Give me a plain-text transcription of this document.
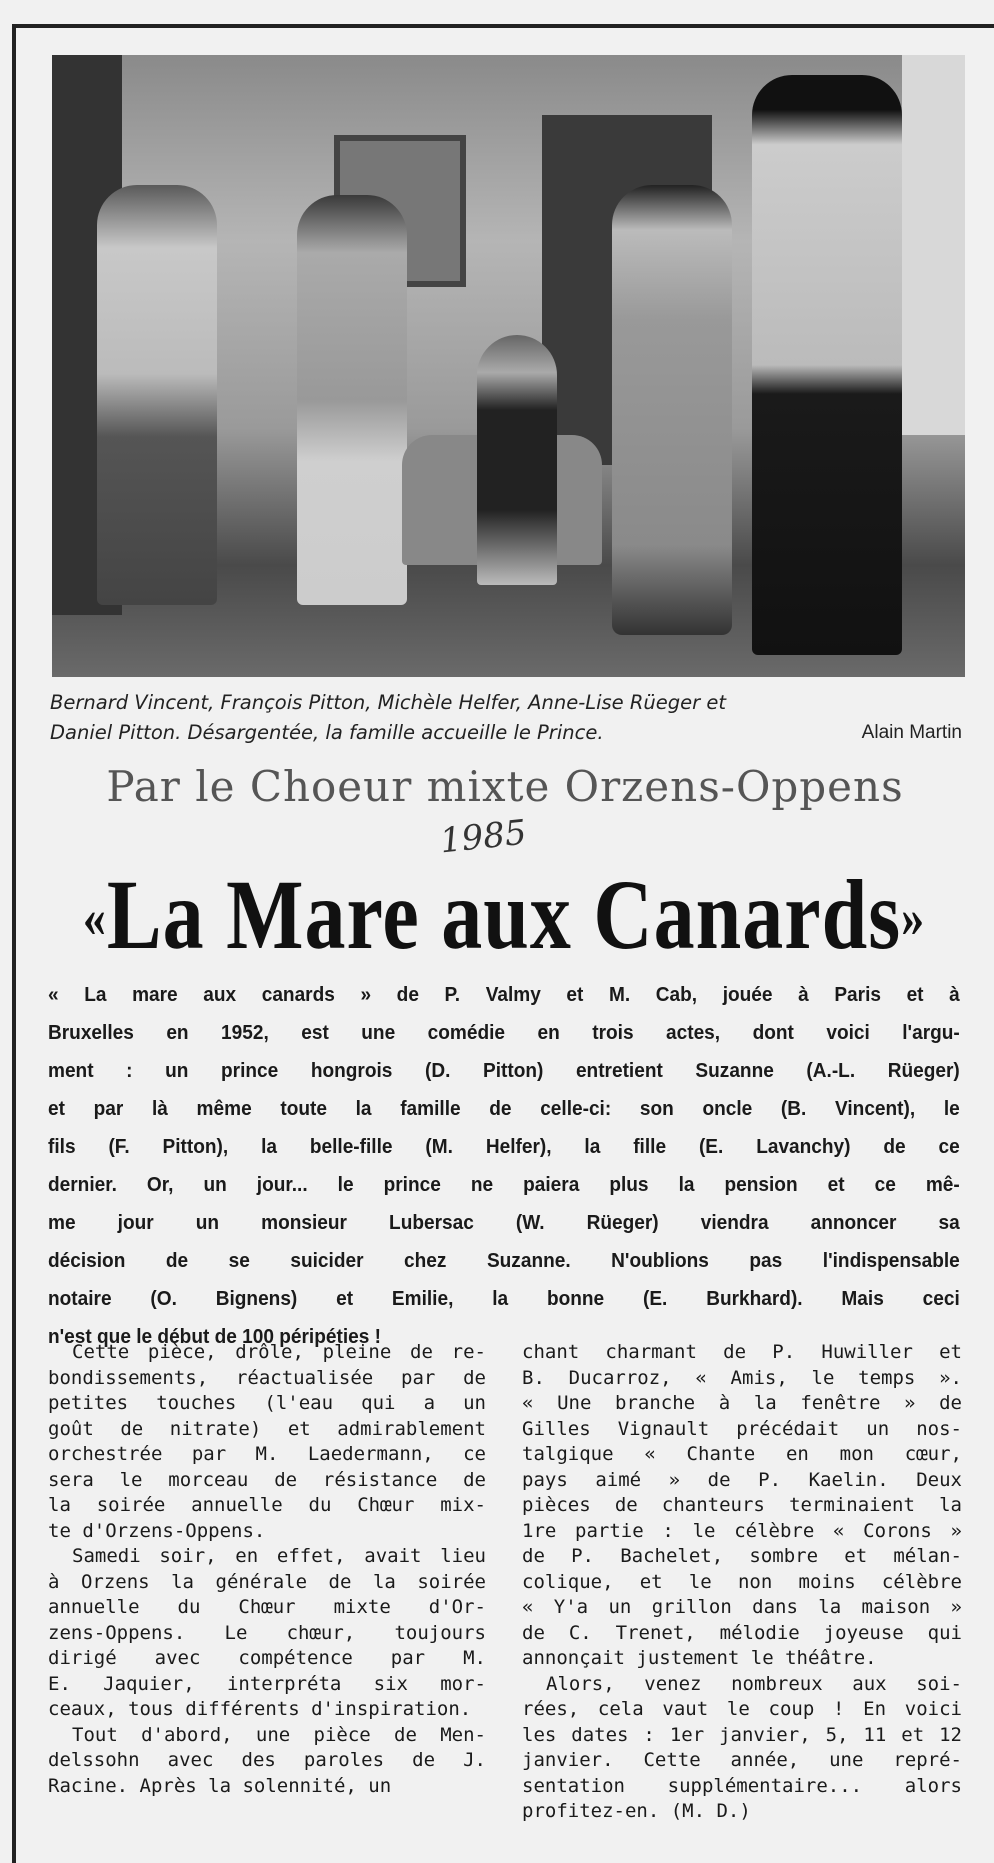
Bernard Vincent, François Pitton, Michèle Helfer, Anne-Lise Rüeger et
Daniel Pitton. Désargentée, la famille accueille le Prince.	Alain Martin
Par le Choeur mixte Orzens-Oppens
1985
«La Mare aux Canards»
« La mare aux canards » de P. Valmy et M. Cab, jouée à Paris et à
Bruxelles en 1952, est une comédie en trois actes, dont voici l'argu-
ment : un prince hongrois (D. Pitton) entretient Suzanne (A.-L. Rüeger)
et par là même toute la famille de celle-ci: son oncle (B. Vincent), le
fils (F. Pitton), la belle-fille (M. Helfer), la fille (E. Lavanchy) de ce
dernier. Or, un jour... le prince ne paiera plus la pension et ce mê-
me jour un monsieur Lubersac (W. Rüeger) viendra annoncer sa
décision de se suicider chez Suzanne. N'oublions pas l'indispensable
notaire (O. Bignens) et Emilie, la bonne (E. Burkhard). Mais ceci
n'est que le début de 100 péripéties !
Cette pièce, drôle, pleine de re-
bondissements, réactualisée par de
petites touches (l'eau qui a un
goût de nitrate) et admirablement
orchestrée par M. Laedermann, ce
sera le morceau de résistance de
la soirée annuelle du Chœur mix-
te d'Orzens-Oppens.
Samedi soir, en effet, avait lieu
à Orzens la générale de la soirée
annuelle du Chœur mixte d'Or-
zens-Oppens. Le chœur, toujours
dirigé avec compétence par M.
E. Jaquier, interpréta six mor-
ceaux, tous différents d'inspiration.
Tout d'abord, une pièce de Men-
delssohn avec des paroles de J.
Racine. Après la solennité, un
chant charmant de P. Huwiller et
B. Ducarroz, « Amis, le temps ».
« Une branche à la fenêtre » de
Gilles Vignault précédait un nos-
talgique « Chante en mon cœur,
pays aimé » de P. Kaelin. Deux
pièces de chanteurs terminaient la
1re partie : le célèbre « Corons »
de P. Bachelet, sombre et mélan-
colique, et le non moins célèbre
« Y'a un grillon dans la maison »
de C. Trenet, mélodie joyeuse qui
annonçait justement le théâtre.
Alors, venez nombreux aux soi-
rées, cela vaut le coup ! En voici
les dates : 1er janvier, 5, 11 et 12
janvier. Cette année, une repré-
sentation supplémentaire... alors
profitez-en. (M. D.)
